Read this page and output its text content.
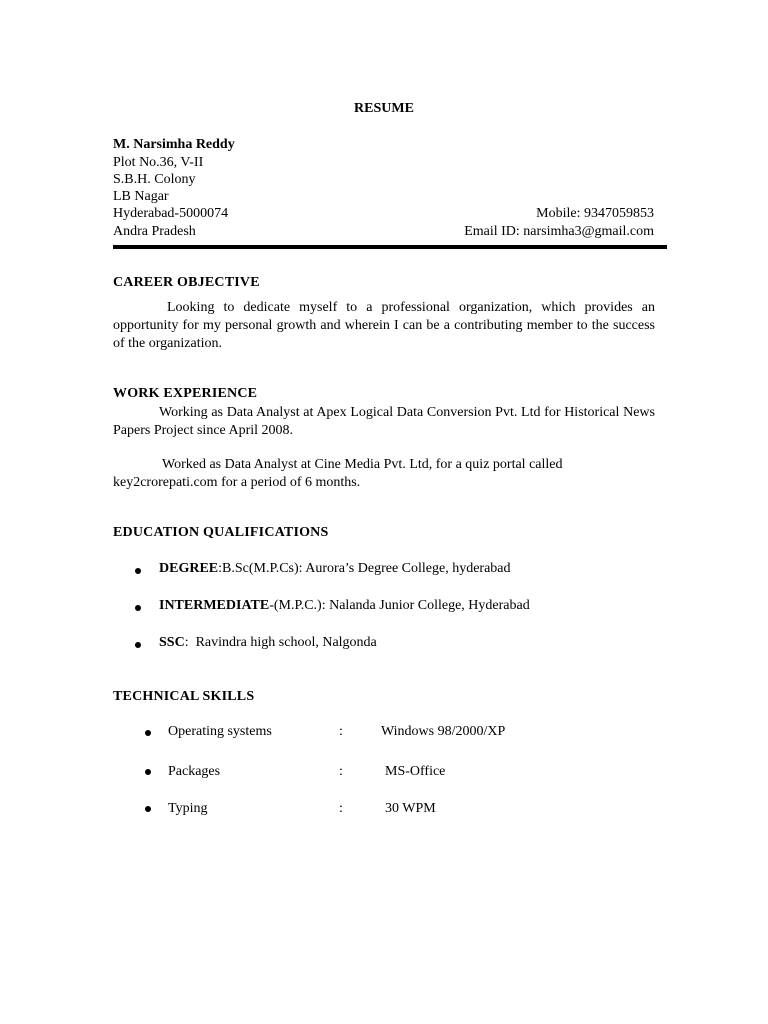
RESUME
M. Narsimha Reddy
Plot No.36, V-II
S.B.H. Colony
LB Nagar
Hyderabad-5000074
Andra Pradesh
Mobile: 9347059853
Email ID: narsimha3@gmail.com
CAREER OBJECTIVE
Looking to dedicate myself to a professional organization, which provides an opportunity for my personal growth and wherein I can be a contributing member to the success of the organization.
WORK EXPERIENCE
Working as Data Analyst at Apex Logical Data Conversion Pvt. Ltd for Historical News Papers Project since April 2008.
Worked as Data Analyst at Cine Media Pvt. Ltd, for a quiz portal called key2crorepati.com for a period of 6 months.
EDUCATION QUALIFICATIONS
DEGREE:B.Sc(M.P.Cs): Aurora’s Degree College, hyderabad
INTERMEDIATE-(M.P.C.): Nalanda Junior College, Hyderabad
SSC:  Ravindra high school, Nalgonda
TECHNICAL SKILLS
Operating systems	:	Windows 98/2000/XP
Packages	:	MS-Office
Typing	:	30 WPM
